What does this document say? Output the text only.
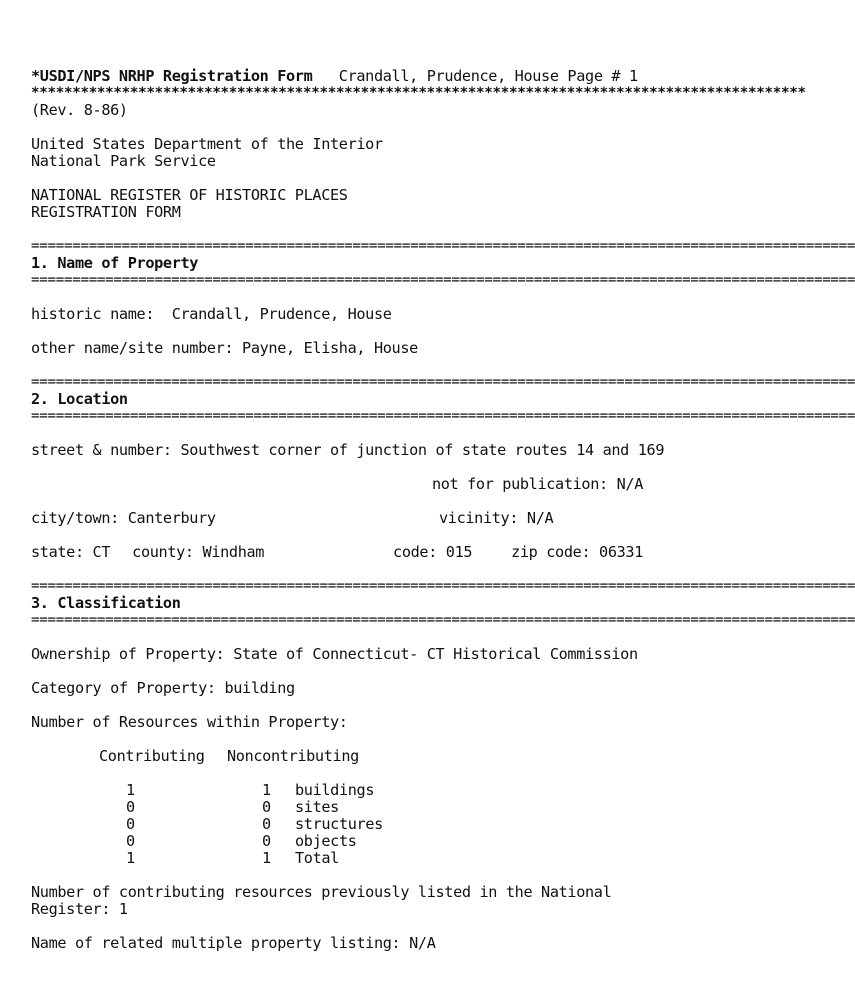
*USDI/NPS NRHP Registration Form Crandall, Prudence, House Page # 1
**********************************************************************************************
(Rev. 8-86)
United States Department of the Interior
National Park Service
NATIONAL REGISTER OF HISTORIC PLACES
REGISTRATION FORM
====================================================================================================
1. Name of Property
====================================================================================================
historic name:  Crandall, Prudence, House
other name/site number: Payne, Elisha, House
====================================================================================================
2. Location
====================================================================================================
street & number: Southwest corner of junction of state routes 14 and 169
not for publication: N/A
city/town: Canterbury	vicinity: N/A
state: CT	county: Windham	code: 015	zip code: 06331
====================================================================================================
3. Classification
====================================================================================================
Ownership of Property: State of Connecticut- CT Historical Commission
Category of Property: building
Number of Resources within Property:
Contributing	Noncontributing
1	1	buildings
0	0	sites
0	0	structures
0	0	objects
1	1	Total
Number of contributing resources previously listed in the National
Register: 1
Name of related multiple property listing: N/A
